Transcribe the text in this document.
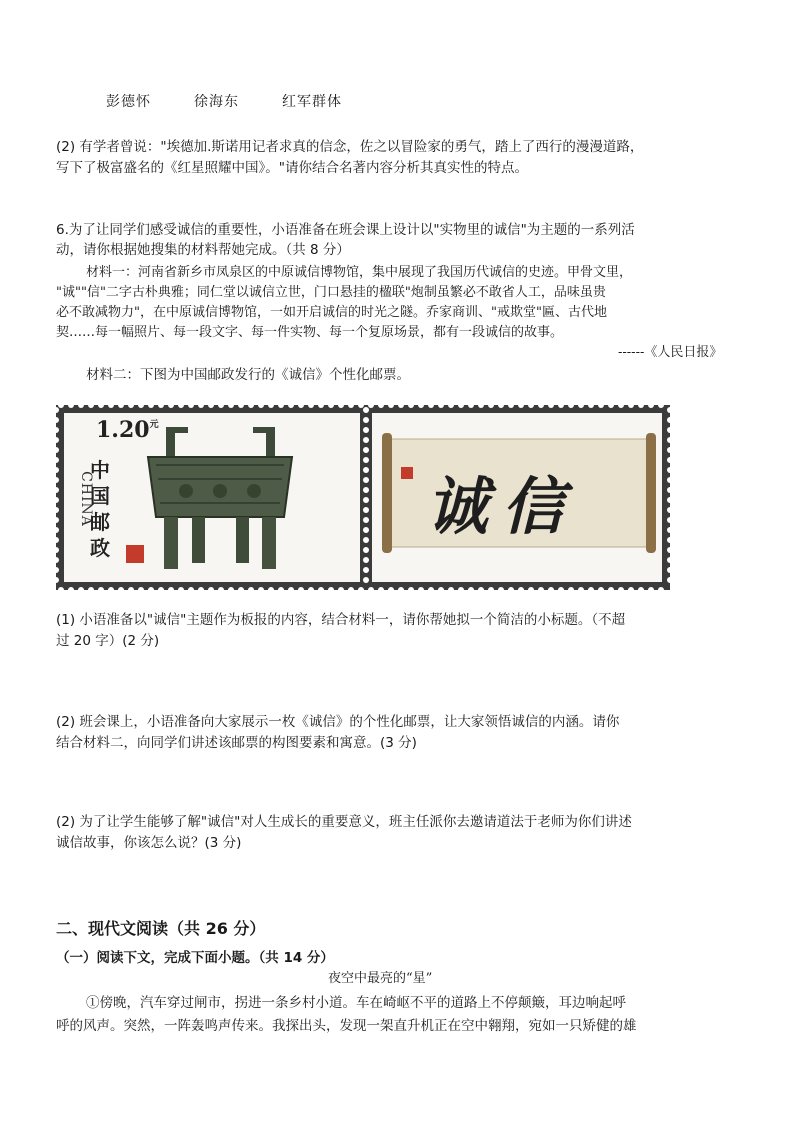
彭德怀	徐海东	红军群体
(2) 有学者曾说："埃德加.斯诺用记者求真的信念，佐之以冒险家的勇气，踏上了西行的漫漫道路，
写下了极富盛名的《红星照耀中国》。"请你结合名著内容分析其真实性的特点。
6.为了让同学们感受诚信的重要性，小语准备在班会课上设计以"实物里的诚信"为主题的一系列活
动，请你根据她搜集的材料帮她完成。（共 8 分）
材料一：河南省新乡市凤泉区的中原诚信博物馆，集中展现了我国历代诚信的史迹。甲骨文里，
"诚""信"二字古朴典雅；同仁堂以诚信立世，门口悬挂的楹联"炮制虽繁必不敢省人工，品味虽贵
必不敢减物力"，在中原诚信博物馆，一如开启诚信的时光之隧。乔家商训、"戒欺堂"匾、古代地
契……每一幅照片、每一段文字、每一件实物、每一个复原场景，都有一段诚信的故事。
------《人民日报》
材料二：下图为中国邮政发行的《诚信》个性化邮票。
$1.20^元$
CHINA
中国邮政
诚信
(1) 小语准备以"诚信"主题作为板报的内容，结合材料一，请你帮她拟一个简洁的小标题。（不超
过 20 字）(2 分)
(2) 班会课上，小语准备向大家展示一枚《诚信》的个性化邮票，让大家领悟诚信的内涵。请你
结合材料二，向同学们讲述该邮票的构图要素和寓意。(3 分)
(2) 为了让学生能够了解"诚信"对人生成长的重要意义，班主任派你去邀请道法于老师为你们讲述
诚信故事，你该怎么说？(3 分)
二、现代文阅读（共 26 分）
（一）阅读下文，完成下面小题。（共 14 分）
夜空中最亮的“星”
①傍晚，汽车穿过闸市，拐进一条乡村小道。车在崎岖不平的道路上不停颠簸，耳边响起呼
呼的风声。突然，一阵轰鸣声传来。我探出头，发现一架直升机正在空中翱翔，宛如一只矫健的雄
